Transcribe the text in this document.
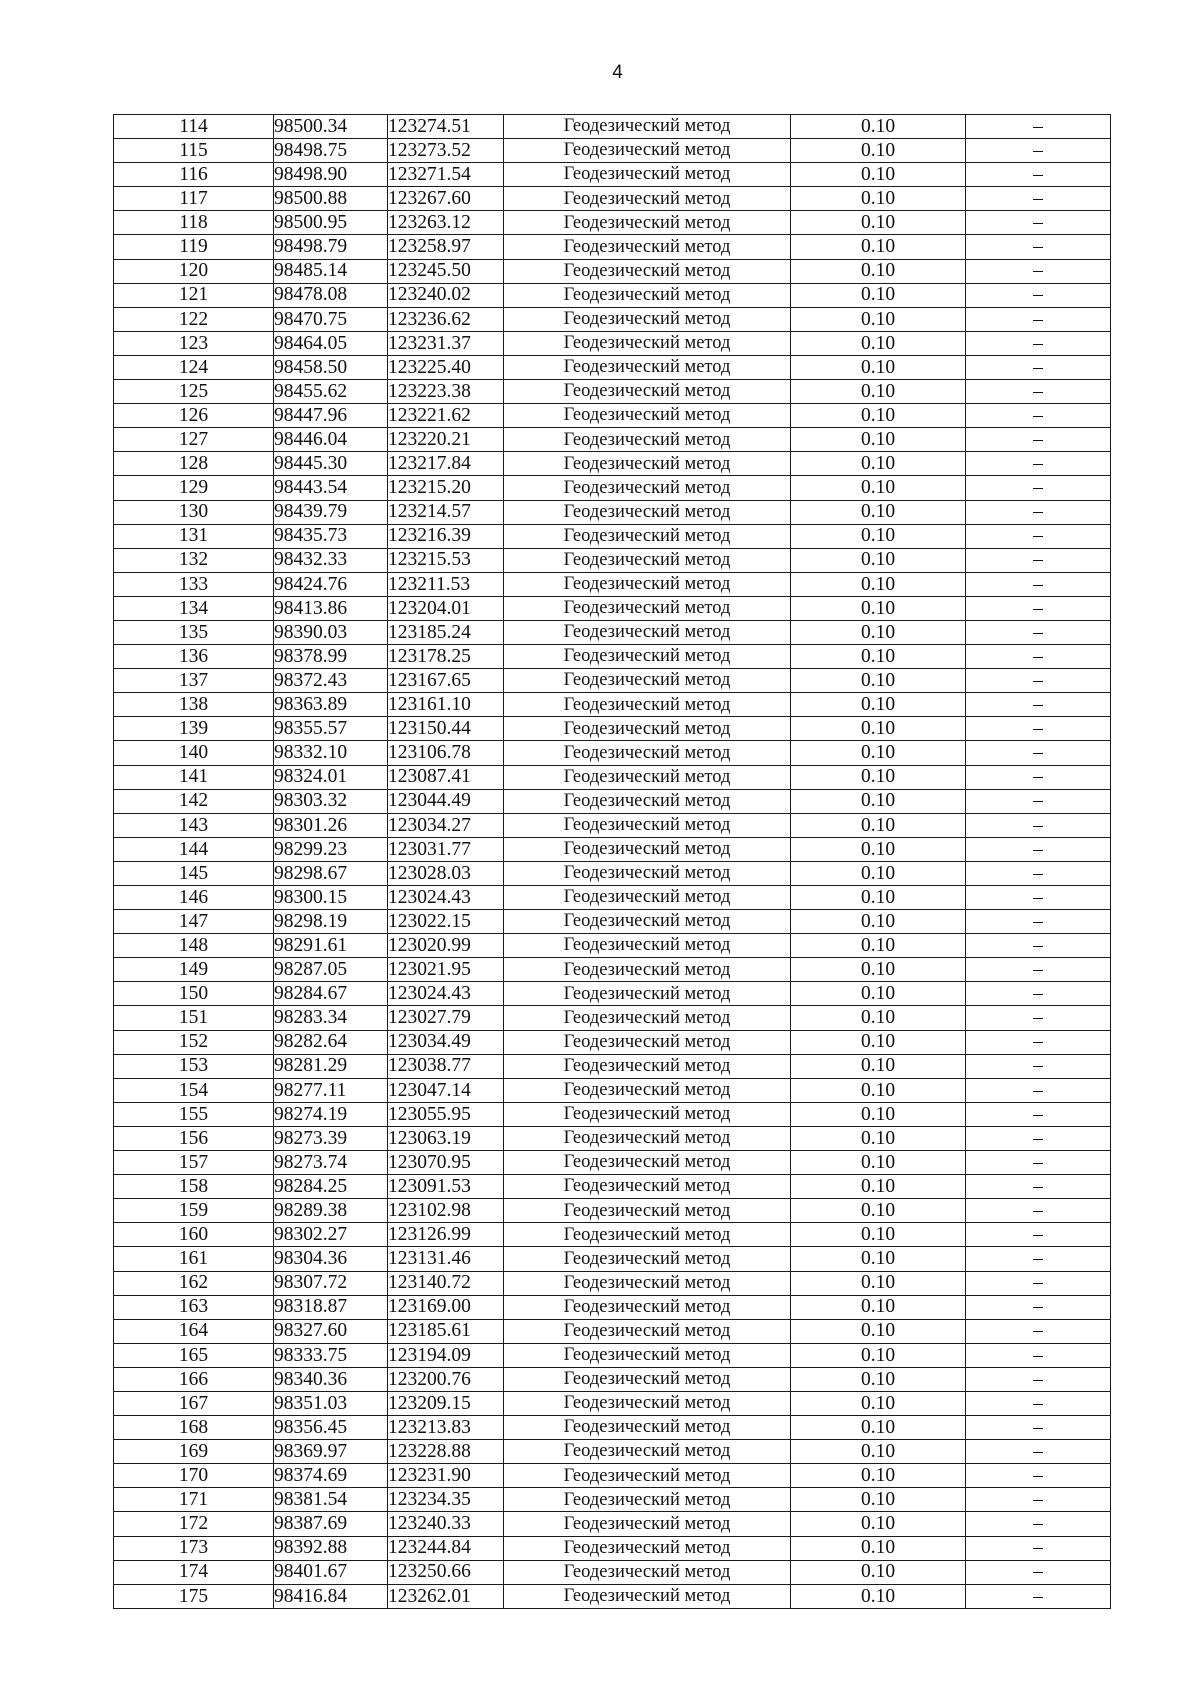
4
114	98500.34	123274.51	Геодезический метод	0.10	–
115	98498.75	123273.52	Геодезический метод	0.10	–
116	98498.90	123271.54	Геодезический метод	0.10	–
117	98500.88	123267.60	Геодезический метод	0.10	–
118	98500.95	123263.12	Геодезический метод	0.10	–
119	98498.79	123258.97	Геодезический метод	0.10	–
120	98485.14	123245.50	Геодезический метод	0.10	–
121	98478.08	123240.02	Геодезический метод	0.10	–
122	98470.75	123236.62	Геодезический метод	0.10	–
123	98464.05	123231.37	Геодезический метод	0.10	–
124	98458.50	123225.40	Геодезический метод	0.10	–
125	98455.62	123223.38	Геодезический метод	0.10	–
126	98447.96	123221.62	Геодезический метод	0.10	–
127	98446.04	123220.21	Геодезический метод	0.10	–
128	98445.30	123217.84	Геодезический метод	0.10	–
129	98443.54	123215.20	Геодезический метод	0.10	–
130	98439.79	123214.57	Геодезический метод	0.10	–
131	98435.73	123216.39	Геодезический метод	0.10	–
132	98432.33	123215.53	Геодезический метод	0.10	–
133	98424.76	123211.53	Геодезический метод	0.10	–
134	98413.86	123204.01	Геодезический метод	0.10	–
135	98390.03	123185.24	Геодезический метод	0.10	–
136	98378.99	123178.25	Геодезический метод	0.10	–
137	98372.43	123167.65	Геодезический метод	0.10	–
138	98363.89	123161.10	Геодезический метод	0.10	–
139	98355.57	123150.44	Геодезический метод	0.10	–
140	98332.10	123106.78	Геодезический метод	0.10	–
141	98324.01	123087.41	Геодезический метод	0.10	–
142	98303.32	123044.49	Геодезический метод	0.10	–
143	98301.26	123034.27	Геодезический метод	0.10	–
144	98299.23	123031.77	Геодезический метод	0.10	–
145	98298.67	123028.03	Геодезический метод	0.10	–
146	98300.15	123024.43	Геодезический метод	0.10	–
147	98298.19	123022.15	Геодезический метод	0.10	–
148	98291.61	123020.99	Геодезический метод	0.10	–
149	98287.05	123021.95	Геодезический метод	0.10	–
150	98284.67	123024.43	Геодезический метод	0.10	–
151	98283.34	123027.79	Геодезический метод	0.10	–
152	98282.64	123034.49	Геодезический метод	0.10	–
153	98281.29	123038.77	Геодезический метод	0.10	–
154	98277.11	123047.14	Геодезический метод	0.10	–
155	98274.19	123055.95	Геодезический метод	0.10	–
156	98273.39	123063.19	Геодезический метод	0.10	–
157	98273.74	123070.95	Геодезический метод	0.10	–
158	98284.25	123091.53	Геодезический метод	0.10	–
159	98289.38	123102.98	Геодезический метод	0.10	–
160	98302.27	123126.99	Геодезический метод	0.10	–
161	98304.36	123131.46	Геодезический метод	0.10	–
162	98307.72	123140.72	Геодезический метод	0.10	–
163	98318.87	123169.00	Геодезический метод	0.10	–
164	98327.60	123185.61	Геодезический метод	0.10	–
165	98333.75	123194.09	Геодезический метод	0.10	–
166	98340.36	123200.76	Геодезический метод	0.10	–
167	98351.03	123209.15	Геодезический метод	0.10	–
168	98356.45	123213.83	Геодезический метод	0.10	–
169	98369.97	123228.88	Геодезический метод	0.10	–
170	98374.69	123231.90	Геодезический метод	0.10	–
171	98381.54	123234.35	Геодезический метод	0.10	–
172	98387.69	123240.33	Геодезический метод	0.10	–
173	98392.88	123244.84	Геодезический метод	0.10	–
174	98401.67	123250.66	Геодезический метод	0.10	–
175	98416.84	123262.01	Геодезический метод	0.10	–
